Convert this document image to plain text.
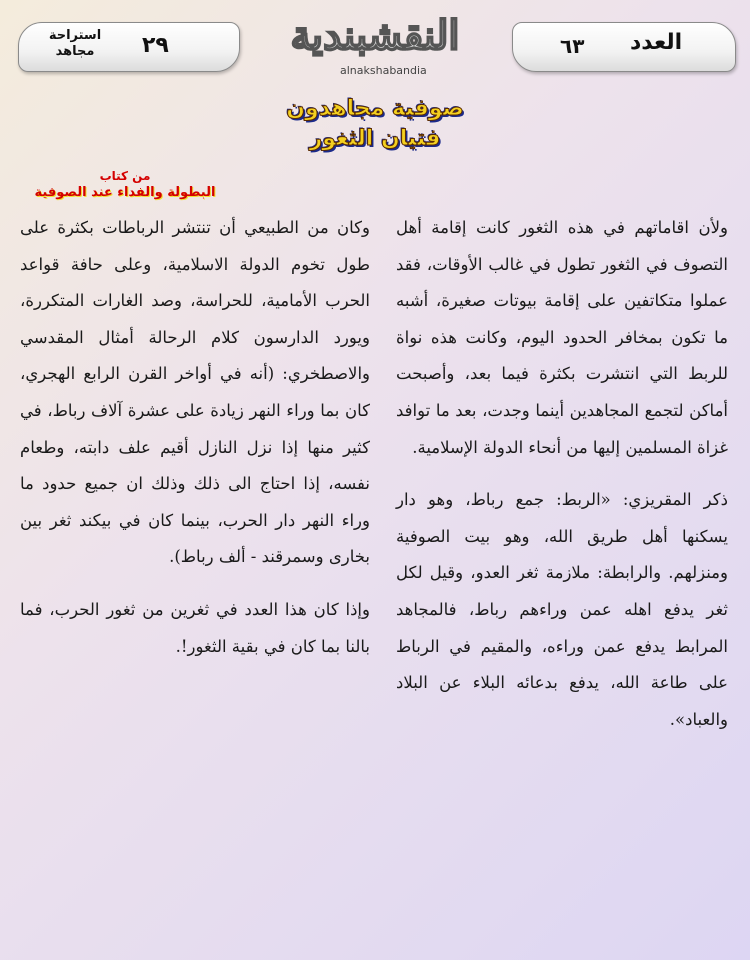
استراحة مجاهد	٢٩	النقشبندية
alnakshabandia
العدد
٦٣
صوفية مجاهدون
فتيان الثغور
من كتاب
البطولة والفداء عند الصوفية

ولأن اقاماتهم في هذه الثغور كانت إقامة أهل التصوف في الثغور تطول في غالب الأوقات، فقد عملوا متكاتفين على إقامة بيوتات صغيرة، أشبه ما تكون بمخافر الحدود اليوم، وكانت هذه نواة للربط التي انتشرت بكثرة فيما بعد، وأصبحت أماكن لتجمع المجاهدين أينما وجدت، بعد ما توافد غزاة المسلمين إليها من أنحاء الدولة الإسلامية.

ذكر المقريزي: «الربط: جمع رباط، وهو دار يسكنها أهل طريق الله، وهو بيت الصوفية ومنزلهم. والرابطة: ملازمة ثغر العدو، وقيل لكل ثغر يدفع اهله عمن وراءهم رباط، فالمجاهد المرابط يدفع عمن وراءه، والمقيم في الرباط على طاعة الله، يدفع بدعائه البلاء عن البلاد والعباد».

وكان من الطبيعي أن تنتشر الرباطات بكثرة على طول تخوم الدولة الاسلامية، وعلى حافة قواعد الحرب الأمامية، للحراسة، وصد الغارات المتكررة، ويورد الدارسون كلام الرحالة أمثال المقدسي والاصطخري: (أنه في أواخر القرن الرابع الهجري، كان بما وراء النهر زيادة على عشرة آلاف رباط، في كثير منها إذا نزل النازل أقيم علف دابته، وطعام نفسه، إذا احتاج الى ذلك وذلك ان جميع حدود ما وراء النهر دار الحرب، بينما كان في بيكند ثغر بين بخارى وسمرقند - ألف رباط).

وإذا كان هذا العدد في ثغرين من ثغور الحرب، فما بالنا بما كان في بقية الثغور!.
